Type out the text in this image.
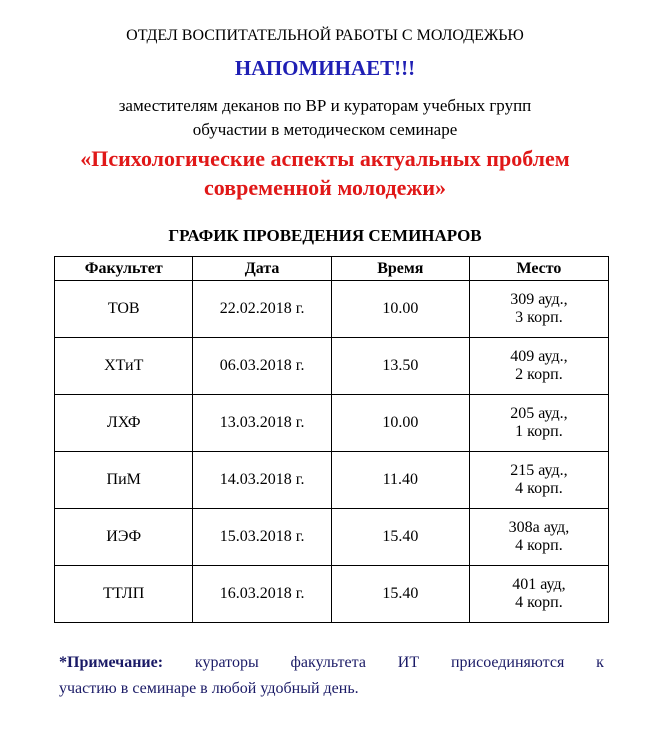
ОТДЕЛ ВОСПИТАТЕЛЬНОЙ РАБОТЫ С МОЛОДЕЖЬЮ
НАПОМИНАЕТ!!!
заместителям деканов по ВР и кураторам учебных групп
обучастии в методическом семинаре
«Психологические аспекты актуальных проблем
современной молодежи»
ГРАФИК ПРОВЕДЕНИЯ СЕМИНАРОВ
Факультет	Дата	Время	Место
ТОВ	22.02.2018 г.	10.00	309 ауд.,
3 корп.
ХТиТ	06.03.2018 г.	13.50	409 ауд.,
2 корп.
ЛХФ	13.03.2018 г.	10.00	205 ауд.,
1 корп.
ПиМ	14.03.2018 г.	11.40	215 ауд.,
4 корп.
ИЭФ	15.03.2018 г.	15.40	308а ауд,
4 корп.
ТТЛП	16.03.2018 г.	15.40	401 ауд,
4 корп.
*Примечание: кураторы факультета ИТ присоединяются к
участию в семинаре в любой удобный день.
